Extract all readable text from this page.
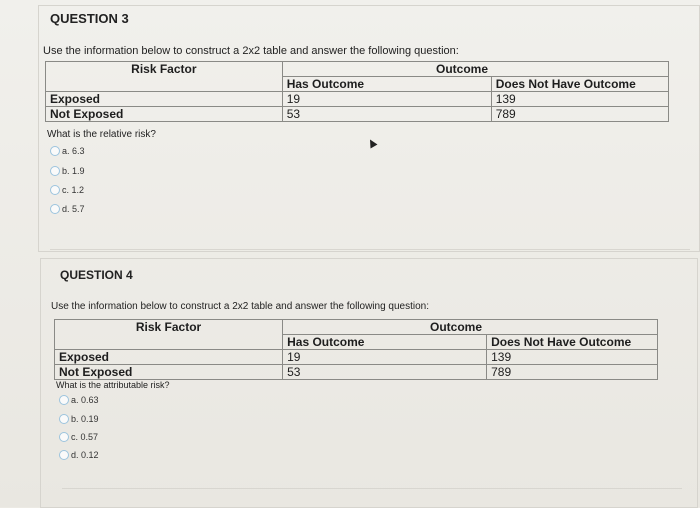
QUESTION 3
Use the information below to construct a 2x2 table and answer the following question:
Risk Factor	Outcome	
	Has Outcome	Does Not Have Outcome
Exposed	19	139
Not Exposed	53	789
What is the relative risk?
a. 6.3
b. 1.9
c. 1.2
d. 5.7
QUESTION 4
Use the information below to construct a 2x2 table and answer the following question:
Risk Factor	Outcome	
	Has Outcome	Does Not Have Outcome
Exposed	19	139
Not Exposed	53	789
What is the attributable risk?
a. 0.63
b. 0.19
c. 0.57
d. 0.12
